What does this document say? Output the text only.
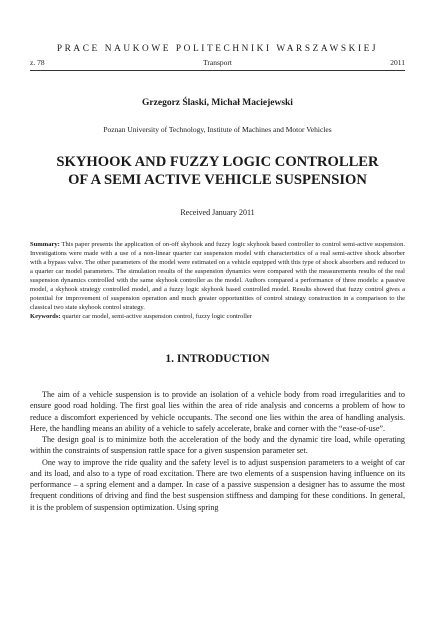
PRACE NAUKOWE POLITECHNIKI WARSZAWSKIEJ
z. 78	Transport	2011
Grzegorz Ślaski, Michał Maciejewski
Poznan University of Technology, Institute of Machines and Motor Vehicles
SKYHOOK AND FUZZY LOGIC CONTROLLER
OF A SEMI ACTIVE VEHICLE SUSPENSION
Received January 2011

Summary: This paper presents the application of on-off skyhook and fuzzy logic skyhook based controller to control semi-active suspension. Investigations were made with a use of a non-linear quarter car suspension model with characteristics of a real semi-active shock absorber with a bypass valve. The other parameters of the model were estimated on a vehicle equipped with this type of shock absorbers and reduced to a quarter car model parameters. The simulation results of the suspension dynamics were compared with the measurements results of the real suspension dynamics controlled with the same skyhook controller as the model. Authors compared a performance of three models: a passive model, a skyhook strategy controlled model, and a fuzzy logic skyhook based controlled model. Results showed that fuzzy control gives a potential for improvement of suspension operation and much greater opportunities of control strategy construction in a comparison to the classical two state skyhook control strategy.

Keywords: quarter car model, semi-active suspension control, fuzzy logic controller

1. INTRODUCTION

The aim of a vehicle suspension is to provide an isolation of a vehicle body from road irregularities and to ensure good road holding. The first goal lies within the area of ride analysis and concerns a problem of how to reduce a discomfort experienced by vehicle occupants. The second one lies within the area of handling analysis. Here, the handling means an ability of a vehicle to safely accelerate, brake and corner with the “ease-of-use”.

The design goal is to minimize both the acceleration of the body and the dynamic tire load, while operating within the constraints of suspension rattle space for a given suspension parameter set.

One way to improve the ride quality and the safety level is to adjust suspension parameters to a weight of car and its load, and also to a type of road excitation. There are two elements of a suspension having influence on its performance – a spring element and a damper. In case of a passive suspension a designer has to assume the most frequent conditions of driving and find the best suspension stiffness and damping for these conditions. In general, it is the problem of suspension optimization. Using spring
